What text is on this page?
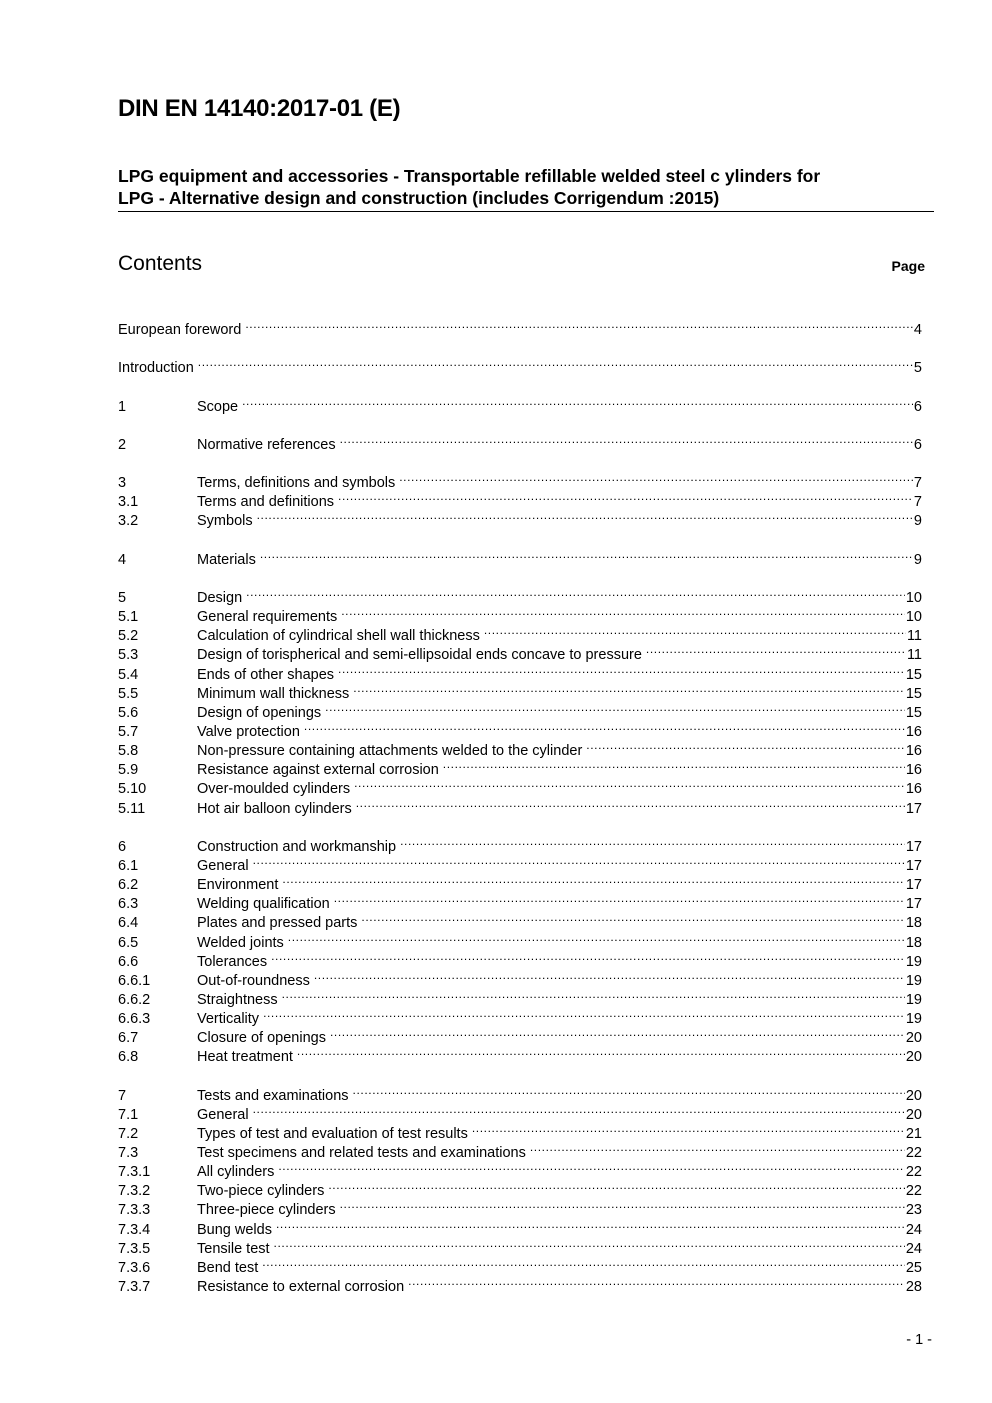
DIN EN 14140:2017-01 (E)
LPG equipment and accessories - Transportable refillable welded steel c ylinders for
LPG - Alternative design and construction (includes Corrigendum :2015)
Contents	Page
European foreword .....	4
Introduction .....	5
1	Scope .....	6
2	Normative references .....	6
3	Terms, definitions and symbols .....	7
3.1	Terms and definitions .....	7
3.2	Symbols .....	9
4	Materials .....	9
5	Design .....	10
5.1	General requirements .....	10
5.2	Calculation of cylindrical shell wall thickness .....	11
5.3	Design of torispherical and semi-ellipsoidal ends concave to pressure .....	11
5.4	Ends of other shapes .....	15
5.5	Minimum wall thickness .....	15
5.6	Design of openings .....	15
5.7	Valve protection .....	16
5.8	Non-pressure containing attachments welded to the cylinder .....	16
5.9	Resistance against external corrosion .....	16
5.10	Over-moulded cylinders .....	16
5.11	Hot air balloon cylinders .....	17
6	Construction and workmanship .....	17
6.1	General .....	17
6.2	Environment .....	17
6.3	Welding qualification .....	17
6.4	Plates and pressed parts .....	18
6.5	Welded joints .....	18
6.6	Tolerances .....	19
6.6.1	Out-of-roundness .....	19
6.6.2	Straightness .....	19
6.6.3	Verticality .....	19
6.7	Closure of openings .....	20
6.8	Heat treatment .....	20
7	Tests and examinations .....	20
7.1	General .....	20
7.2	Types of test and evaluation of test results .....	21
7.3	Test specimens and related tests and examinations .....	22
7.3.1	All cylinders .....	22
7.3.2	Two-piece cylinders .....	22
7.3.3	Three-piece cylinders .....	23
7.3.4	Bung welds .....	24
7.3.5	Tensile test .....	24
7.3.6	Bend test .....	25
7.3.7	Resistance to external corrosion .....	28
- 1 -
